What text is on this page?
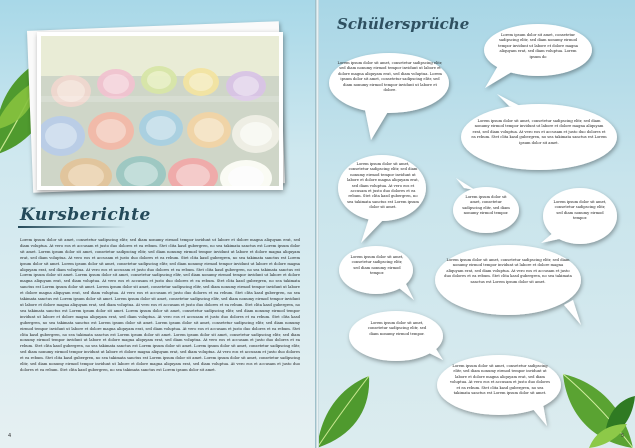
Kursberichte

Lorem ipsum dolor sit amet, consetetur sadipscing elitr, sed diam nonumy eirmod tempor invidunt ut labore et dolore magna aliquyam erat, sed diam voluptua. At vero eos et accusam et justo duo dolores et ea rebum. Stet clita kasd gubergren, no sea takimata sanctus est Lorem ipsum dolor sit amet. Lorem ipsum dolor sit amet, consetetur sadipscing elitr, sed diam nonumy eirmod tempor invidunt ut labore et dolore magna aliquyam erat, sed diam voluptua. At vero eos et accusam et justo duo dolores et ea rebum. Stet clita kasd gubergren, no sea takimata sanctus est Lorem ipsum dolor sit amet. Lorem ipsum dolor sit amet, consetetur sadipscing elitr, sed diam nonumy eirmod tempor invidunt ut labore et dolore magna aliquyam erat, sed diam voluptua. At vero eos et accusam et justo duo dolores et ea rebum. Stet clita kasd gubergren, no sea takimata sanctus est Lorem ipsum dolor sit amet. Lorem ipsum dolor sit amet, consetetur sadipscing elitr, sed diam nonumy eirmod tempor invidunt ut labore et dolore magna aliquyam erat, sed diam voluptua. At vero eos et accusam et justo duo dolores et ea rebum. Stet clita kasd gubergren, no sea takimata sanctus est Lorem ipsum dolor sit amet. Lorem ipsum dolor sit amet, consetetur sadipscing elitr, sed diam nonumy eirmod tempor invidunt ut labore et dolore magna aliquyam erat, sed diam voluptua. At vero eos et accusam et justo duo dolores et ea rebum. Stet clita kasd gubergren, no sea takimata sanctus est Lorem ipsum dolor sit amet. Lorem ipsum dolor sit amet, consetetur sadipscing elitr, sed diam nonumy eirmod tempor invidunt ut labore et dolore magna aliquyam erat, sed diam voluptua. At vero eos et accusam et justo duo dolores et ea rebum. Stet clita kasd gubergren, no sea takimata sanctus est Lorem ipsum dolor sit amet. Lorem ipsum dolor sit amet, consetetur sadipscing elitr, sed diam nonumy eirmod tempor invidunt ut labore et dolore magna aliquyam erat, sed diam voluptua. At vero eos et accusam et justo duo dolores et ea rebum. Stet clita kasd gubergren, no sea takimata sanctus est Lorem ipsum dolor sit amet. Lorem ipsum dolor sit amet, consetetur sadipscing elitr, sed diam nonumy eirmod tempor invidunt ut labore et dolore magna aliquyam erat, sed diam voluptua. At vero eos et accusam et justo duo dolores et ea rebum. Stet clita kasd gubergren, no sea takimata sanctus est Lorem ipsum dolor sit amet. Lorem ipsum dolor sit amet, consetetur sadipscing elitr, sed diam nonumy eirmod tempor invidunt ut labore et dolore magna aliquyam erat, sed diam voluptua. At vero eos et accusam et justo duo dolores et ea rebum. Stet clita kasd gubergren, no sea takimata sanctus est Lorem ipsum dolor sit amet. Lorem ipsum dolor sit amet, consetetur sadipscing elitr, sed diam nonumy eirmod tempor invidunt ut labore et dolore magna aliquyam erat, sed diam voluptua. At vero eos et accusam et justo duo dolores et ea rebum. Stet clita kasd gubergren, no sea takimata sanctus est Lorem ipsum dolor sit amet. Lorem ipsum dolor sit amet, consetetur sadipscing elitr, sed diam nonumy eirmod tempor invidunt ut labore et dolore magna aliquyam erat, sed diam voluptua. At vero eos et accusam et justo duo dolores et ea rebum. Stet clita kasd gubergren, no sea takimata sanctus est Lorem ipsum dolor sit amet.

4
Schülersprüche

Lorem ipsum dolor sit amet, consetetur sadipscing elitr, sed diam nonumy eirmod tempor invidunt ut labore et dolore magna aliquyam erat, sed diam voluptua. Lorem ipsum dolor sit amet, consetetur sadipscing elitr, sed diam nonumy eirmod tempor invidunt ut labore et dolore.

Lorem ipsum dolor sit amet, consetetur sadipscing elitr, sed diam nonumy eirmod tempor invidunt ut labore et dolore magna aliquyam erat, sed diam voluptua. Lorem ipsum do

Lorem ipsum dolor sit amet, consetetur sadipscing elitr, sed diam nonumy eirmod tempor invidunt ut labore et dolore magna aliquyam erat, sed diam voluptua. At vero eos et accusam et justo duo dolores et ea rebum. Stet clita kasd gubergren, no sea takimata sanctus est Lorem ipsum dolor sit amet.

Lorem ipsum dolor sit amet, consetetur sadipscing elitr, sed diam nonumy eirmod tempor invidunt ut labore et dolore magna aliquyam erat, sed diam voluptua. At vero eos et accusam et justo duo dolores et ea rebum. Stet clita kasd gubergren, no sea takimata sanctus est Lorem ipsum dolor sit amet.

Lorem ipsum dolor sit amet, consetetur sadipscing elitr, sed diam nonumy eirmod tempor.

Lorem ipsum dolor sit amet, consetetur sadipscing elitr, sed diam nonumy eirmod tempor.

Lorem ipsum dolor sit amet, consetetur sadipscing elitr, sed diam nonumy eirmod tempor invidunt ut labore et dolore magna aliquyam erat, sed diam voluptua. At vero eos et accusam et justo duo dolores et ea rebum. Stet clita kasd gubergren, no sea takimata sanctus est Lorem ipsum dolor sit amet.

Lorem ipsum dolor sit amet, consetetur sadipscing elitr, sed diam nonumy eirmod tempor.

Lorem ipsum dolor sit amet, consetetur sadipscing elitr, sed diam nonumy eirmod tempor.

Lorem ipsum dolor sit amet, consetetur sadipscing elitr, sed diam nonumy eirmod tempor invidunt ut labore et dolore magna aliquyam erat, sed diam voluptua. At vero eos et accusam et justo duo dolores et ea rebum. Stet clita kasd gubergren, no sea takimata sanctus est Lorem ipsum dolor sit amet.

5
